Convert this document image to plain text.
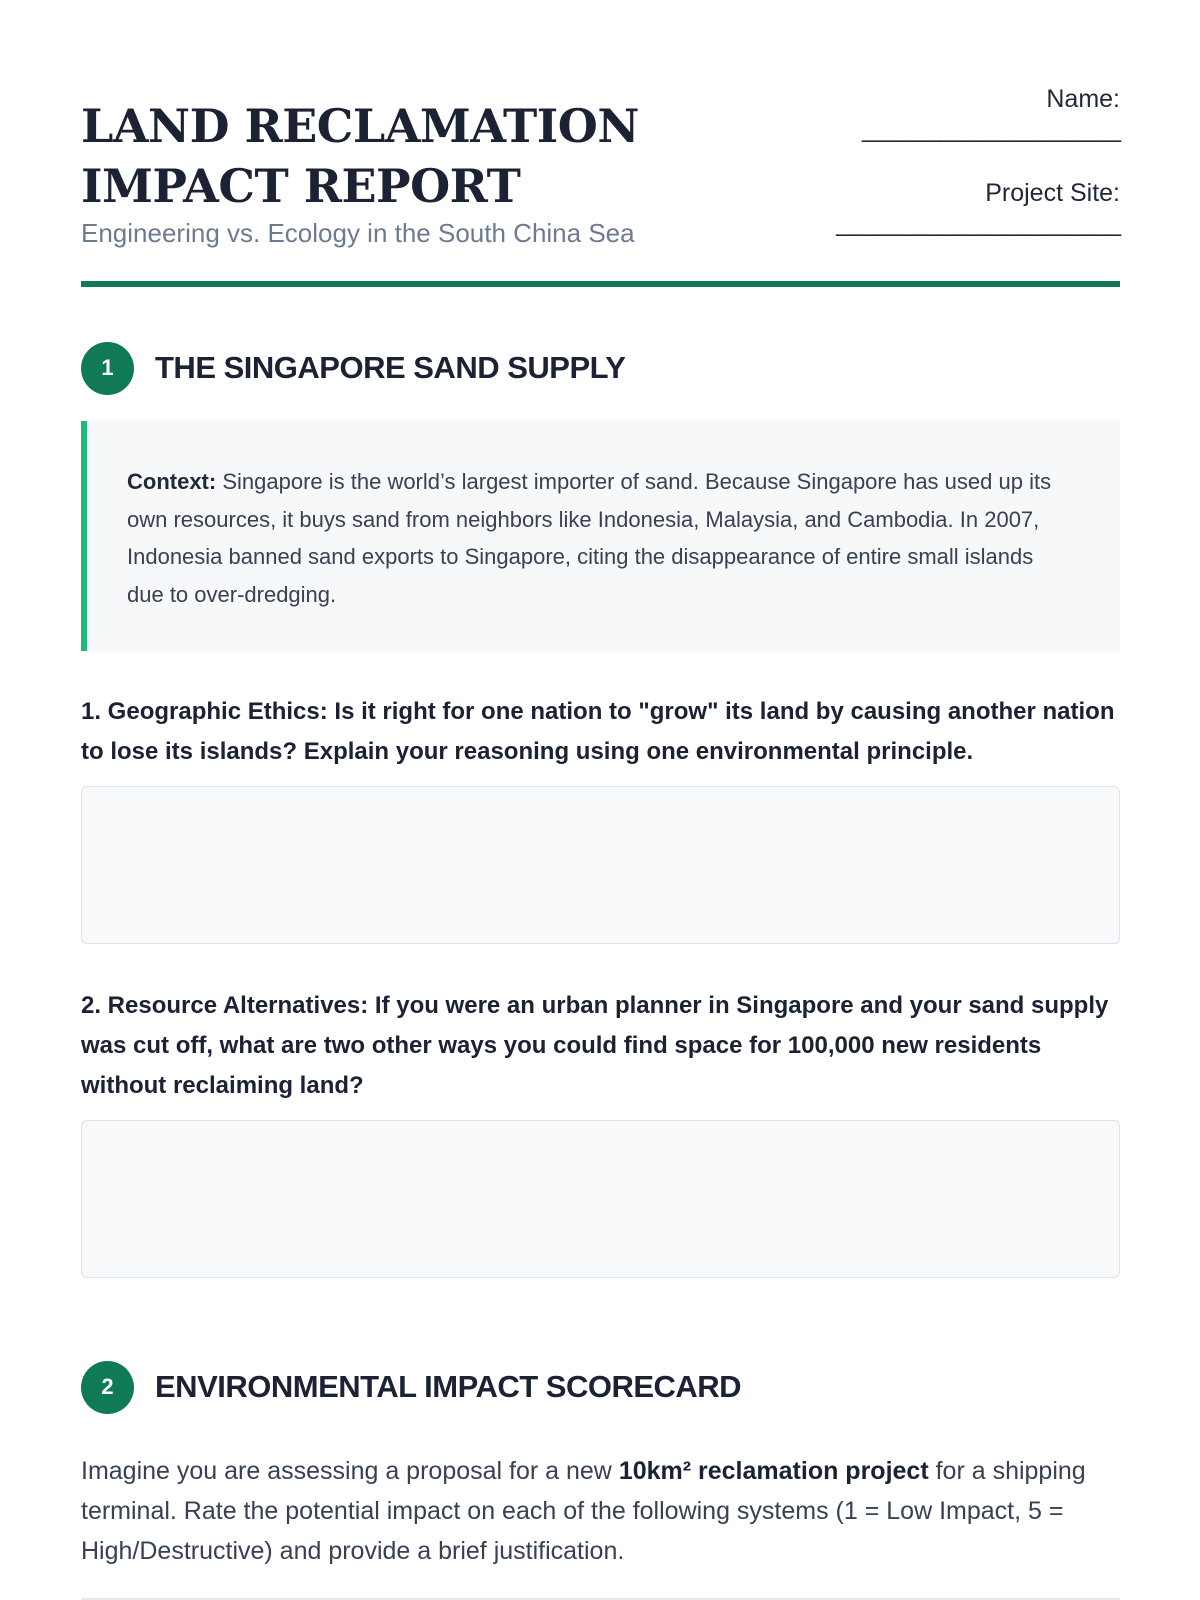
LAND RECLAMATION
IMPACT REPORT

Engineering vs. Ecology in the South China Sea

Name:
____________________
Project Site:
______________________
1	THE SINGAPORE SAND SUPPLY
Context: Singapore is the world’s largest importer of sand. Because Singapore has used up its own resources, it buys sand from neighbors like Indonesia, Malaysia, and Cambodia. In 2007, Indonesia banned sand exports to Singapore, citing the disappearance of entire small islands due to over-dredging.

1. Geographic Ethics: Is it right for one nation to "grow" its land by causing another nation to lose its islands? Explain your reasoning using one environmental principle.

2. Resource Alternatives: If you were an urban planner in Singapore and your sand supply was cut off, what are two other ways you could find space for 100,000 new residents without reclaiming land?

2	ENVIRONMENTAL IMPACT SCORECARD

Imagine you are assessing a proposal for a new 10km² reclamation project for a shipping terminal. Rate the potential impact on each of the following systems (1 = Low Impact, 5 = High/Destructive) and provide a brief justification.
